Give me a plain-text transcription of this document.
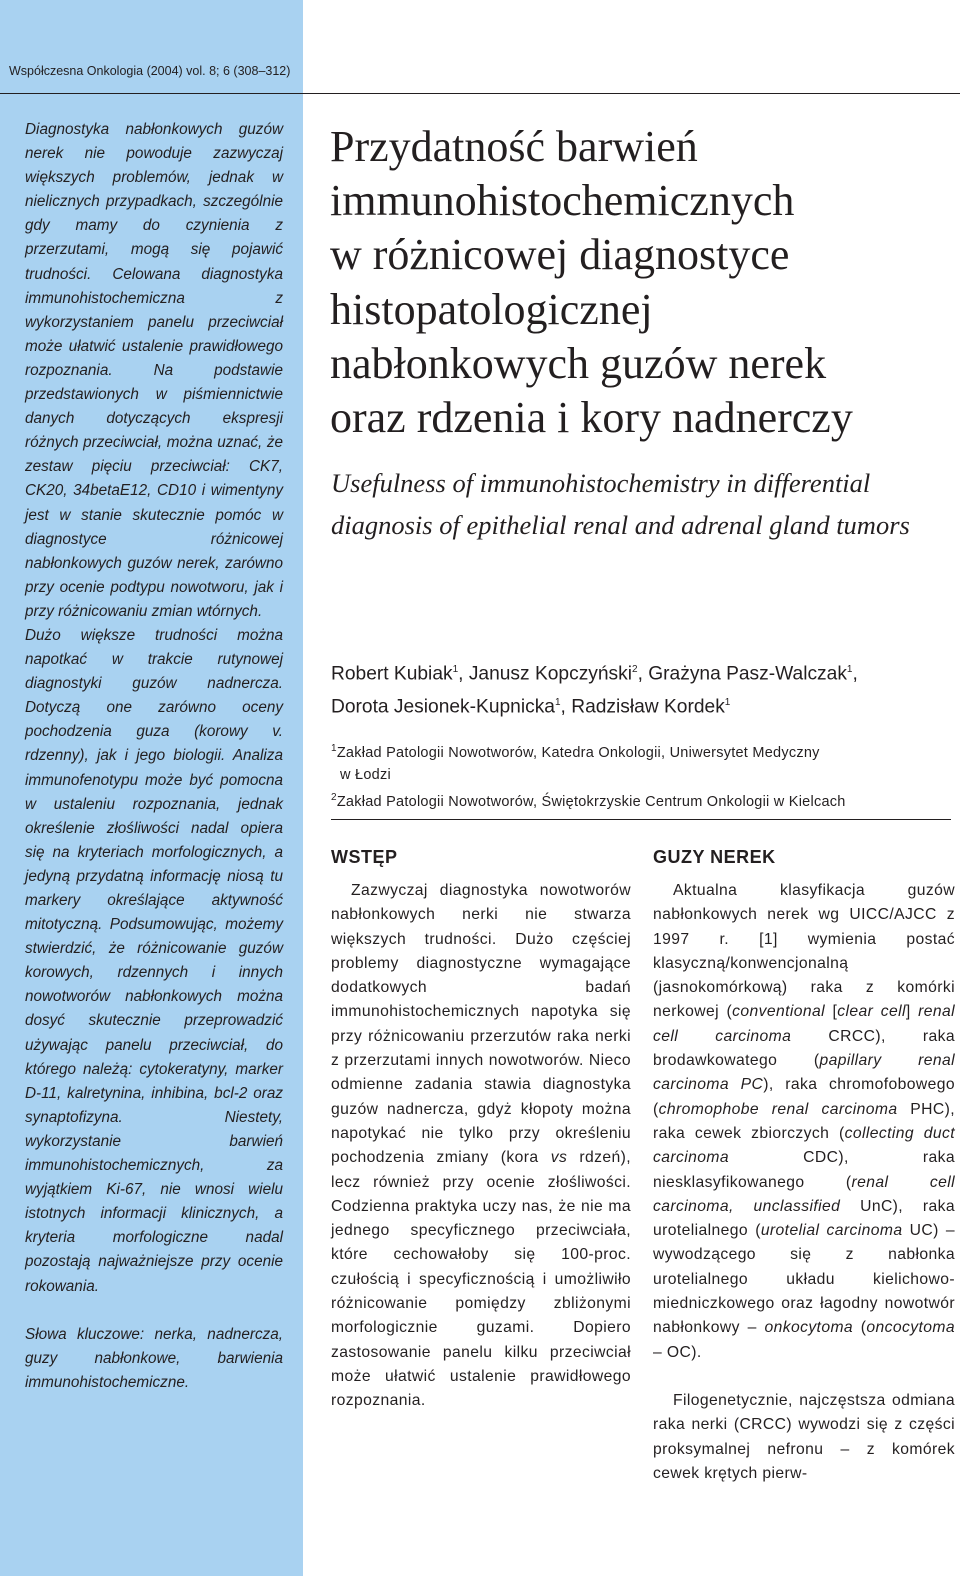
Współczesna Onkologia (2004) vol. 8; 6 (308–312)

Diagnostyka nabłonkowych guzów nerek nie powoduje zazwyczaj większych problemów, jednak w nielicznych przypadkach, szczególnie gdy mamy do czynienia z przerzutami, mogą się pojawić trudności. Celowana diagnostyka immunohistochemiczna z wykorzystaniem panelu przeciwciał może ułatwić ustalenie prawidłowego rozpoznania. Na podstawie przedstawionych w piśmiennictwie danych dotyczących ekspresji różnych przeciwciał, można uznać, że zestaw pięciu przeciwciał: CK7, CK20, 34betaE12, CD10 i wimentyny jest w stanie skutecznie pomóc w diagnostyce różnicowej nabłonkowych guzów nerek, zarówno przy ocenie podtypu nowotworu, jak i przy różnicowaniu zmian wtórnych.

Dużo większe trudności można napotkać w trakcie rutynowej diagnostyki guzów nadnercza. Dotyczą one zarówno oceny pochodzenia guza (korowy v. rdzenny), jak i jego biologii. Analiza immunofenotypu może być pomocna w ustaleniu rozpoznania, jednak określenie złośliwości nadal opiera się na kryteriach morfologicznych, a jedyną przydatną informację niosą tu markery określające aktywność mitotyczną. Podsumowując, możemy stwierdzić, że różnicowanie guzów korowych, rdzennych i innych nowotworów nabłonkowych można dosyć skutecznie przeprowadzić używając panelu przeciwciał, do którego należą: cytokeratyny, marker D-11, kalretynina, inhibina, bcl-2 oraz synaptofizyna. Niestety, wykorzystanie barwień immunohistochemicznych, za wyjątkiem Ki-67, nie wnosi wielu istotnych informacji klinicznych, a kryteria morfologiczne nadal pozostają najważniejsze przy ocenie rokowania.

Słowa kluczowe: nerka, nadnercza, guzy nabłonkowe, barwienia immunohistochemiczne.

Przydatność barwień
immunohistochemicznych
w różnicowej diagnostyce
histopatologicznej
nabłonkowych guzów nerek
oraz rdzenia i kory nadnerczy
Usefulness of immunohistochemistry in differential
diagnosis of epithelial renal and adrenal gland tumors
Robert Kubiak$^1$, Janusz Kopczyński$^2$, Grażyna Pasz-Walczak$^1$,
Dorota Jesionek-Kupnicka$^1$, Radzisław Kordek$^1$
$^1$Zakład Patologii Nowotworów, Katedra Onkologii, Uniwersytet Medyczny
w Łodzi
$^2$Zakład Patologii Nowotworów, Świętokrzyskie Centrum Onkologii w Kielcach
WSTĘP

Zazwyczaj diagnostyka nowotworów nabłonkowych nerki nie stwarza większych trudności. Dużo częściej problemy diagnostyczne wymagające dodatkowych badań immunohistochemicznych napotyka się przy różnicowaniu przerzutów raka nerki z przerzutami innych nowotworów. Nieco odmienne zadania stawia diagnostyka guzów nadnercza, gdyż kłopoty można napotykać nie tylko przy określeniu pochodzenia zmiany (kora vs rdzeń), lecz również przy ocenie złośliwości. Codzienna praktyka uczy nas, że nie ma jednego specyficznego przeciwciała, które cechowałoby się 100-proc. czułością i specyficznością i umożliwiło różnicowanie pomiędzy zbliżonymi morfologicznie guzami. Dopiero zastosowanie panelu kilku przeciwciał może ułatwić ustalenie prawidłowego rozpoznania.

GUZY NEREK

Aktualna klasyfikacja guzów nabłonkowych nerek wg UICC/AJCC z 1997 r. [1] wymienia postać klasyczną/konwencjonalną (jasnokomórkową) raka z komórki nerkowej (conventional [clear cell] renal cell carcinoma CRCC), raka brodawkowatego (papillary renal carcinoma PC), raka chromofobowego (chromophobe renal carcinoma PHC), raka cewek zbiorczych (collecting duct carcinoma CDC), raka niesklasyfikowanego (renal cell carcinoma, unclassified UnC), raka urotelialnego (urotelial carcinoma UC) – wywodzącego się z nabłonka urotelialnego układu kielichowo-miedniczkowego oraz łagodny nowotwór nabłonkowy – onkocytoma (oncocytoma – OC).

Filogenetycznie, najczęstsza odmiana raka nerki (CRCC) wywodzi się z części proksymalnej nefronu – z komórek cewek krętych pierw-
